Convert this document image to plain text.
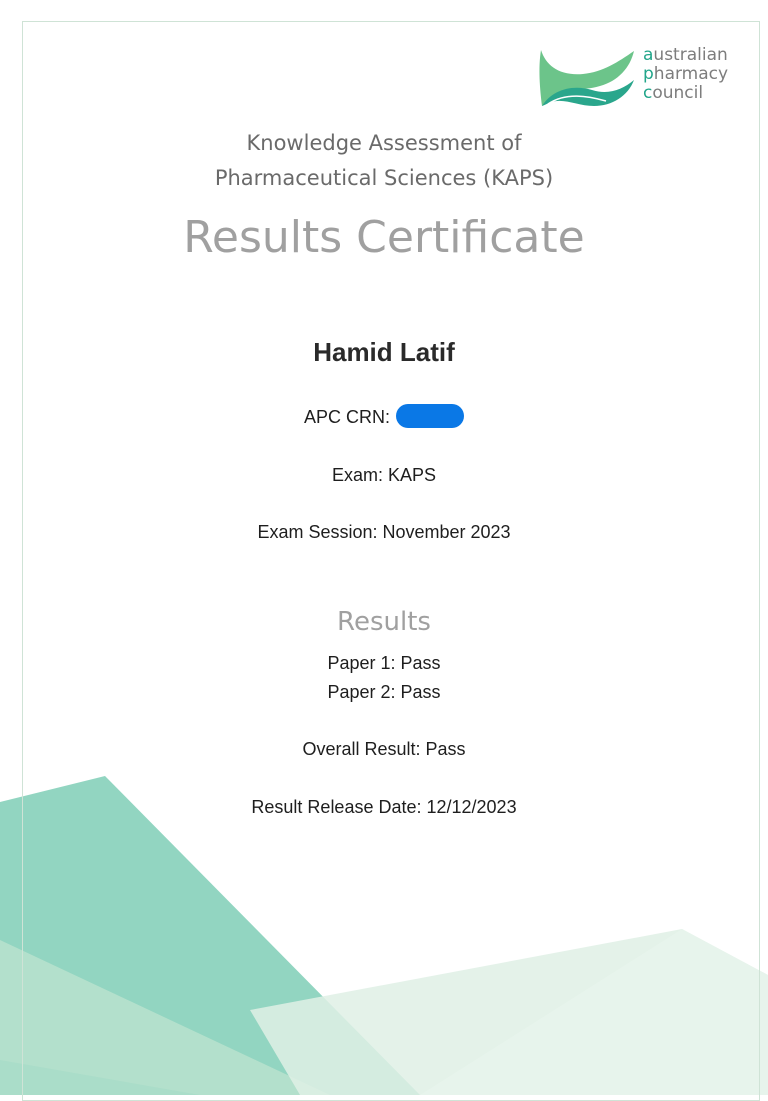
australian
pharmacy
council
Knowledge Assessment of
Pharmaceutical Sciences (KAPS)
Results Certificate
Hamid Latif
APC CRN:
Exam: KAPS
Exam Session: November 2023
Results
Paper 1: Pass
Paper 2: Pass
Overall Result: Pass
Result Release Date: 12/12/2023
